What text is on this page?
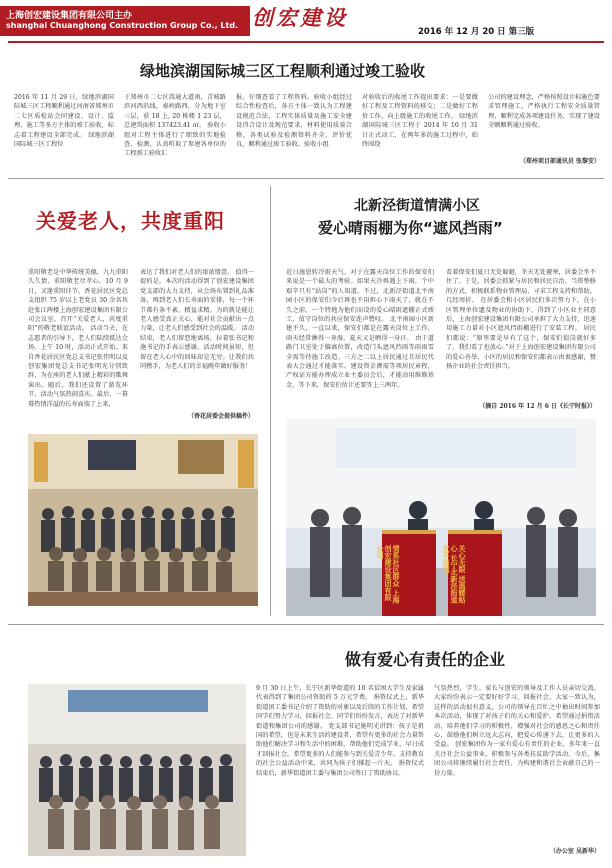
上海创宏建设集团有限公司主办
shanghai Chuanghong Construction Group Co., Ltd. 创宏建设
2016 年 12 月 20 日 第三版
绿地滨湖国际城三区工程顺利通过竣工验收
2016 年 11 月 29 日，绿地滨湖国际城三区工程顺利通过河南省郑州市二七区质检站会同建设、设计、监理、施工等多方主体的竣工验收，标志着工程建设全部完成。 绿地滨湖国际城三区工程位
于郑州市二七区嵩通大道南，青城路滨河西沿线，秦岭路西，分为地下室三层，获 18 上, 20 栋楼 1 23 层，总建筑面积 137423.41 ㎡。 验收小组对工程主体进行了细致的实地检查、检测，认真听取了参建各单位的工程竣工验收汇
报，仔细查看了工程资料。验收小组经过综合性检查后，各方主体一致认为工程建设规范合法，工程实体质量及施工安全建设得合设计及规范要求，材料使用质量合格，各类试验及检测资料齐全，评价优良，顺利通过竣工验收。验收小组
对验收后的收尾工作提出要求：一是要做好工程及工程资料的移交；二是做好工程价工作，向上级施工的收尾工作。 绿地滨湖国际城三区工程于 2014 年 10 月 31 日正式动工，在两年多的施工过程中，始终围绕
公司的建设理念，严格按照设计标施色要求管理施工，严格执行工程安全质量管理，顺利完成各项建设任务，实现了建设全额顺利通过验收。
（郑州项目部通讯员 张黎安）
关爱老人，共度重阳
重阳敬老是中华传统美德，九九重阳久久情，重阳敬老尽孝心。10 月 9 日，又逢重阳佳节，香花居民区党总支组织 75 岁以上老党员 30 余名共赴张江两楼上海创宏建设集团有限公司会议室，召开“关爱老人，共度重阳”的敬老联谊活动。 活动当天，在志愿者的引导下，老人们陆续抵达会场。上午 10 时，活动正式开始。来自香花居民区党总支书记张伟明以及创宏集团党总支书记张明光分别致辞，为在座的老人们献上精彩的歌舞演出。随后，我们还设置了游览环节，活动气氛热闹喜庆。最后，一幕幕热情洋溢的长寿面端了上来，
表达了我们对老人们的浓浓情意。 值得一提的是，本次的活动得到了创宏建设集团党支部的大力支持，从会场布置到礼品准备，再到老人们长寿面的安排，每一个环节都有条不紊，精益求精。为的就是能让老人感受真正关心，能对社会贡献出一点力量，让老人们感受到社会的温暖。 活动结束，老人们留恋地离场，拉着张书记和施书记的手表示感谢。活动时间虽短，但留在老人心中的回味却是无穷。让我们共同携手，为老人们的幸福晚年做好服务！
（香花居委会提供稿件）
北新泾街道情满小区
爱心晴雨棚为你“遮风挡雨”
近日施恩转冷雨天气，对于在露天岗位工作的保安们来说是一个最大的考验。如果天冷再遇上下雨，个中艰辛只有“站岗”的人知道。不过，北新泾街道北平南园小区的保安们今后再也不用担心下雨天了，就在不久之前，一个特地为他们而设的爱心晴雨遮棚正式竣工，值守岗位的共应保安连声赞叹。 北平南园小区新建不久，一直以来，保安们都是在露天岗位上工作，雨天经常淋得一身湿，夏天又是晒得一身汗。 由于道路门卫室处于偏离位置，改造门头遮风挡雨等雨雨雪全需等待施工改造。三方之二以上居民通过且居民代表大会通过才能落实。建设资金测需等项居民章程，产权证方能办理成立业主委员会后，才能动用维修基金，等下来，保安们估计还要等上三两年。
看着保安们夏日无处躲避，冬天无处避寒，居委会坐不住了。于是，居委会抓紧与居民和居民自治、当资整修的方式，积极联系物业管理局，寻求工程支持和帮助，几经周折。 在居委会和小区居民们多次努力下，在小区管理单位遗及物业的协助下，得到了小区业主同意后，上海创宏建设集团有限公司承担了大力支持，迅速用施工力量对小区遮风挡雨棚进行了安装工程。 居民们都说：“原里要是早有了这个，保安们值岗就好多了，我们看了也放心。”对于上海创宏建设集团有限公司的爱心善举，小区的居民和保安们都表示由衷感谢，赞扬企业的社会责任担当。
（摘自 2016 年 12 月 6 日《长宁时报》）
情系社区群众 上海创宏建设集团有限公司	关心无限 送温暖贴心 长宁北新泾街道北平南园
做有爱心有责任的企业
9 月 30 日上午，长宁区新华街道的 10 名贫困大学生及家属代表得到了集团公司资助的 5 万元学费。 捐资仪式上，新华街道团工委书记介绍了资助的对象以及后续的工作计划，希望同学们努力学习，回报社会。同学们纷纷发言，表达了对新华街道和集团公司的感谢。 党支部书记施明光讲到：孩子是祖国的希望，也是未来生活的建设者，希望有更多的社会力量帮助他们解决学习和生活中的困难，帮助他们完成学业，早日成才回报社会。希望更多的人们能参与到关爱青少年、支持教育的社会公益活动中来，共同为孩子们撑起一片天。 捐资仪式结束后，新华街道团工委与集团公司签订了资助协议。
气氛热烈，学生、家长与创宏的领导及工作人员亲切交流。大家纷纷表示一定要好好学习，回报社会。大家一致认为，这样的活动很有意义，公司的领导在百忙之中抽出时间参加本次活动，体现了对孩子们的关心和爱护。希望通过捐资活动，培养他们学习的积极性，增强对社会的感恩之心和责任心，鼓励他们树立远大志向，把爱心传递下去，让更多的人受益。 创宏集团作为一家有爱心有责任的企业，多年来一直关注社会公益事业，积极参与各类扶贫助学活动。今后，集团公司将继续履行社会责任，为构建和谐社会贡献自己的一份力量。
（办公室 吴新华）
